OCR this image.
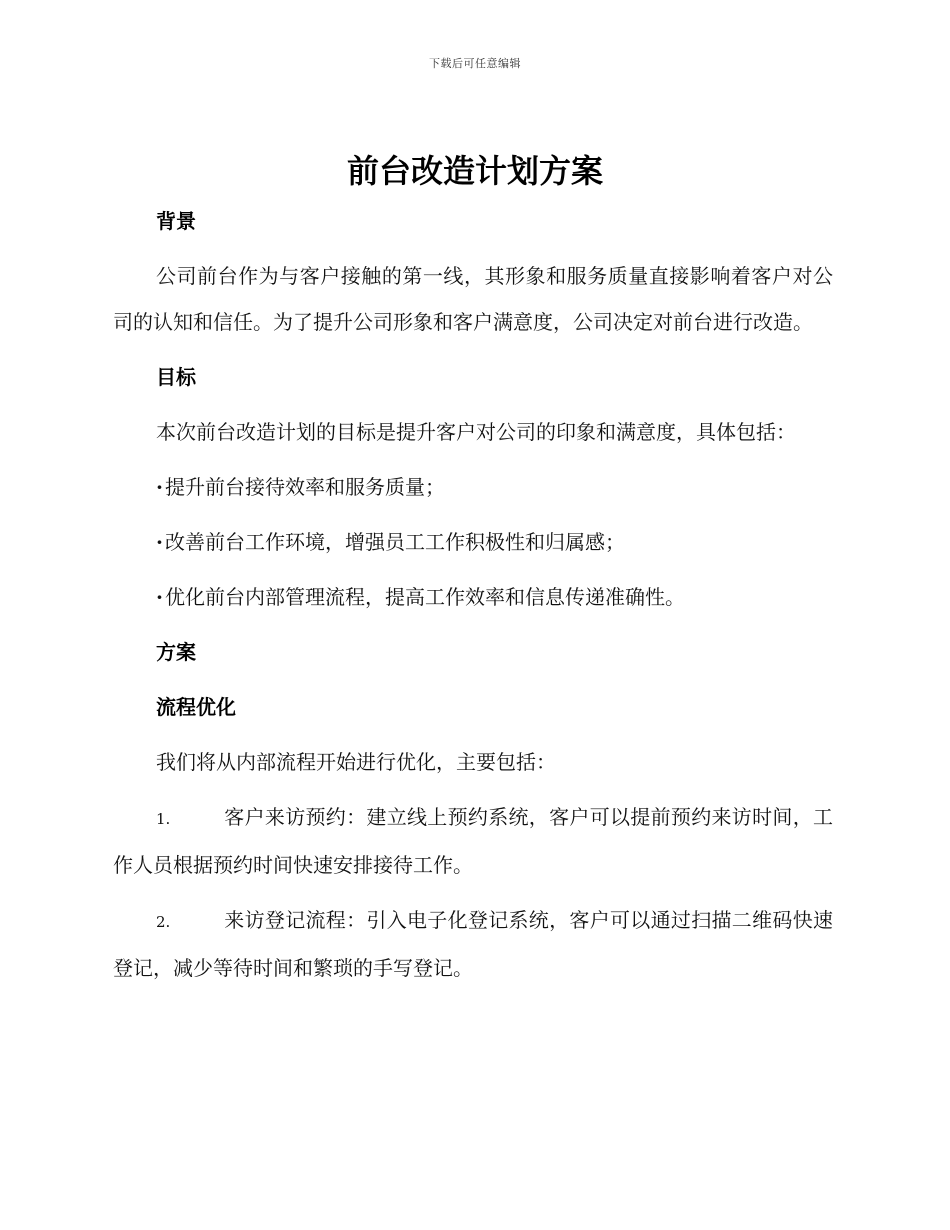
下载后可任意编辑
前台改造计划方案

背景

公司前台作为与客户接触的第一线，其形象和服务质量直接影响着客户对公司的认知和信任。为了提升公司形象和客户满意度，公司决定对前台进行改造。

目标

本次前台改造计划的目标是提升客户对公司的印象和满意度，具体包括：

· 提升前台接待效率和服务质量；

· 改善前台工作环境，增强员工工作积极性和归属感；

· 优化前台内部管理流程，提高工作效率和信息传递准确性。

方案

流程优化

我们将从内部流程开始进行优化，主要包括：

1.	客户来访预约：建立线上预约系统，客户可以提前预约来访时间，工作人员根据预约时间快速安排接待工作。

2.	来访登记流程：引入电子化登记系统，客户可以通过扫描二维码快速登记，减少等待时间和繁琐的手写登记。
